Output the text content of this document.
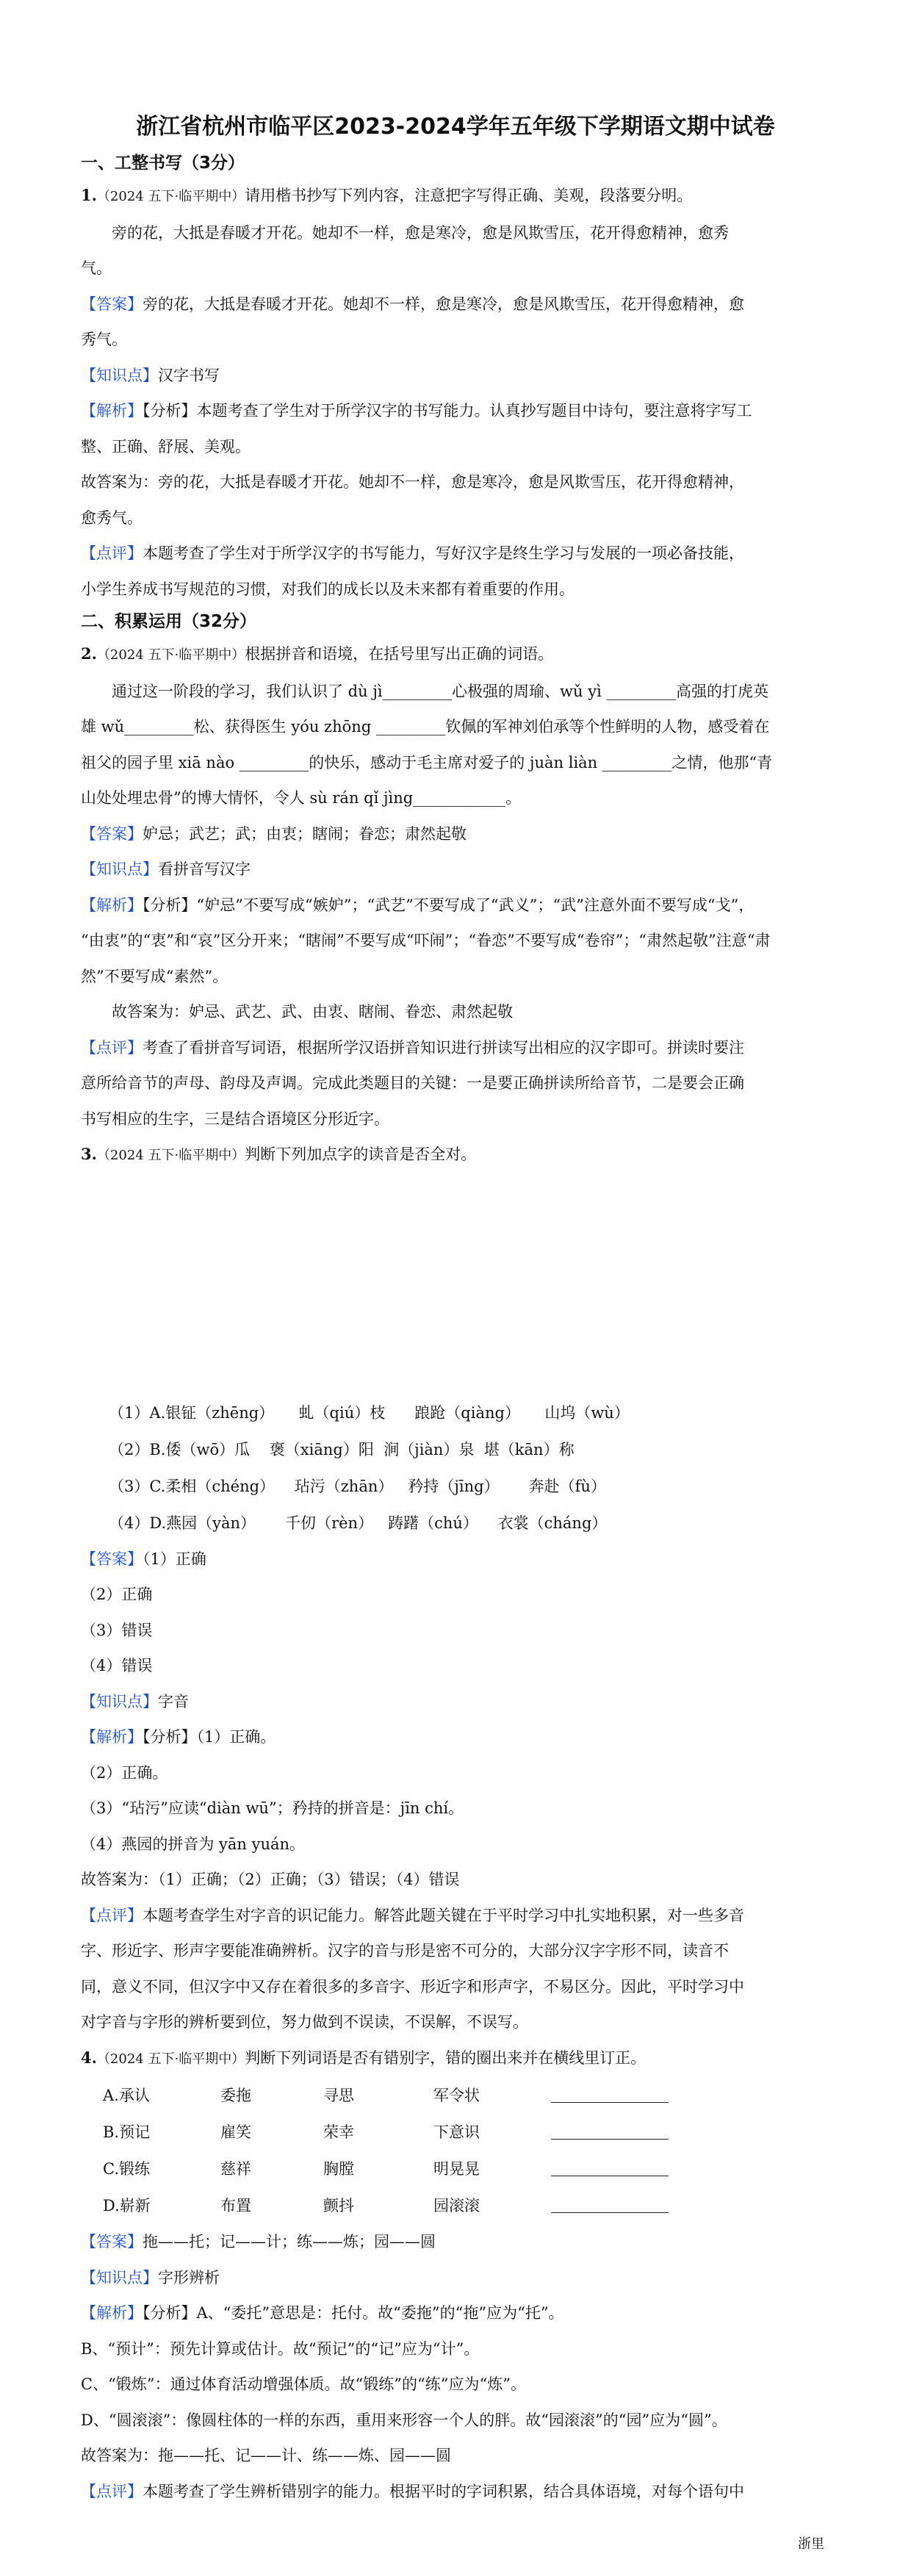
浙江省杭州市临平区2023-2024学年五年级下学期语文期中试卷
一、工整书写（3分）

1.（2024 五下·临平期中）请用楷书抄写下列内容，注意把字写得正确、美观，段落要分明。

旁的花，大抵是春暖才开花。她却不一样，愈是寒冷，愈是风欺雪压，花开得愈精神，愈秀

气。

【答案】旁的花，大抵是春暖才开花。她却不一样，愈是寒冷，愈是风欺雪压，花开得愈精神，愈

秀气。

【知识点】汉字书写

【解析】【分析】本题考查了学生对于所学汉字的书写能力。认真抄写题目中诗句，要注意将字写工

整、正确、舒展、美观。

故答案为：旁的花，大抵是春暖才开花。她却不一样，愈是寒冷，愈是风欺雪压，花开得愈精神，

愈秀气。

【点评】本题考查了学生对于所学汉字的书写能力，写好汉字是终生学习与发展的一项必备技能，

小学生养成书写规范的习惯，对我们的成长以及未来都有着重要的作用。

二、积累运用（32分）

2.（2024 五下·临平期中）根据拼音和语境，在括号里写出正确的词语。

通过这一阶段的学习，我们认识了 dù jì_________心极强的周瑜、wǔ yì _________高强的打虎英

雄 wǔ_________松、获得医生 yóu zhōng _________钦佩的军神刘伯承等个性鲜明的人物，感受着在

祖父的园子里 xiā nào _________的快乐，感动于毛主席对爱子的 juàn liàn _________之情，他那“青

山处处埋忠骨”的博大情怀，令人 sù rán qǐ jìng____________。

【答案】妒忌；武艺；武；由衷；瞎闹；眷恋；肃然起敬

【知识点】看拼音写汉字

【解析】【分析】“妒忌”不要写成“嫉妒”；“武艺”不要写成了“武义”；“武”注意外面不要写成“戈”，

“由衷”的“衷”和“哀”区分开来；“瞎闹”不要写成“吓闹”；“眷恋”不要写成“卷帘”；“肃然起敬”注意“肃

然”不要写成“素然”。

故答案为：妒忌、武艺、武、由衷、瞎闹、眷恋、肃然起敬

【点评】考查了看拼音写词语，根据所学汉语拼音知识进行拼读写出相应的汉字即可。拼读时要注

意所给音节的声母、韵母及声调。完成此类题目的关键：一是要正确拼读所给音节，二是要会正确

书写相应的生字，三是结合语境区分形近字。

3.（2024 五下·临平期中）判断下列加点字的读音是否全对。

（1）A.银钲（zhēng）     虬（qiú）枝      踉跄（qiàng）     山坞（wù）
（2）B.倭（wō）瓜    褒（xiāng）阳  涧（jiàn）泉  堪（kān）称
（3）C.柔相（chéng）    玷污（zhān）   矜持（jīng）      奔赴（fù）
（4）D.燕园（yàn）      千仞（rèn）   踌躇（chú）    衣裳（cháng）

【答案】（1）正确

（2）正确

（3）错误

（4）错误

【知识点】字音

【解析】【分析】（1）正确。

（2）正确。

（3）“玷污”应读“diàn wū”；矜持的拼音是：jīn chí。

（4）燕园的拼音为 yān yuán。

故答案为：（1）正确；（2）正确；（3）错误；（4）错误

【点评】本题考查学生对字音的识记能力。解答此题关键在于平时学习中扎实地积累，对一些多音

字、形近字、形声字要能准确辨析。汉字的音与形是密不可分的，大部分汉字字形不同，读音不

同，意义不同，但汉字中又存在着很多的多音字、形近字和形声字，不易区分。因此，平时学习中

对字音与字形的辨析要到位，努力做到不误读，不误解，不误写。

4.（2024 五下·临平期中）判断下列词语是否有错别字，错的圈出来并在横线里订正。

A.承认	委拖	寻思	军令状
B.预记	雇笑	荣幸	下意识
C.锻练	慈祥	胸膛	明晃晃
D.崭新	布置	颤抖	园滚滚

【答案】拖——托；记——计；练——炼；园——圆

【知识点】字形辨析

【解析】【分析】A、“委托”意思是：托付。故“委拖”的“拖”应为“托”。

B、“预计”：预先计算或估计。故“预记”的“记”应为“计”。

C、“锻炼”：通过体育活动增强体质。故“锻练”的“练”应为“炼”。

D、“圆滚滚”：像圆柱体的一样的东西，重用来形容一个人的胖。故“园滚滚”的“园”应为“圆”。

故答案为：拖——托、记——计、练——炼、园——圆

【点评】本题考查了学生辨析错别字的能力。根据平时的字词积累，结合具体语境，对每个语句中

浙里
